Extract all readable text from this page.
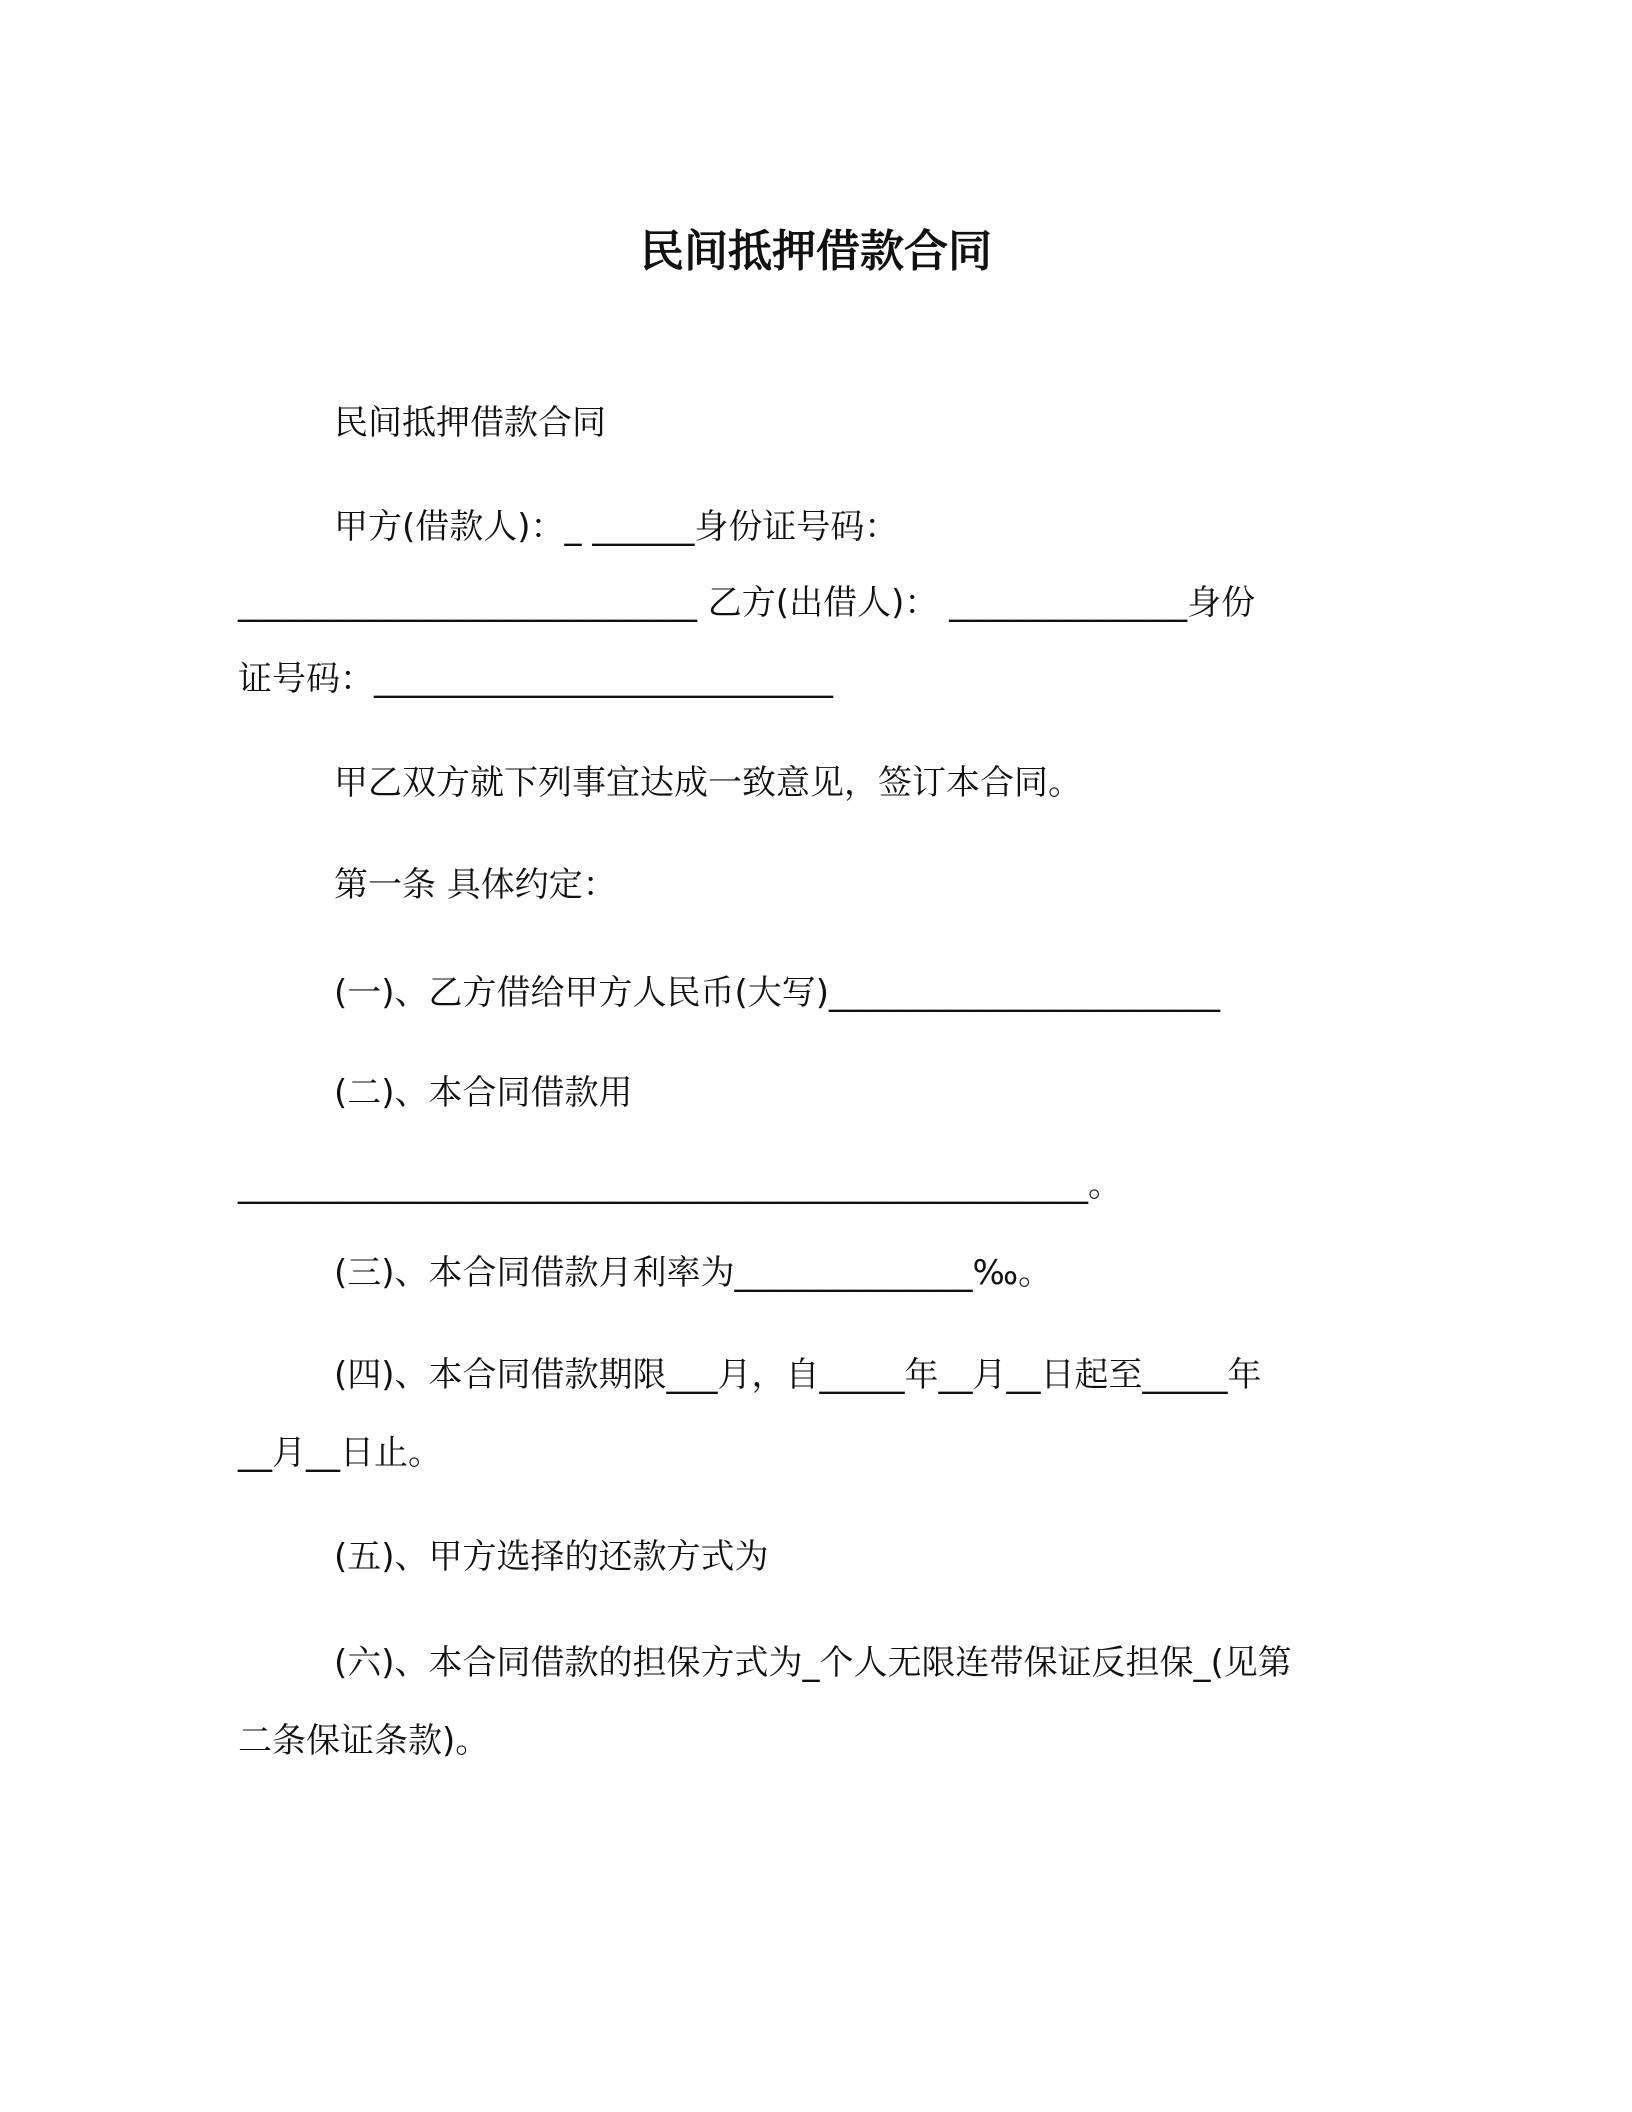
民间抵押借款合同
民间抵押借款合同
甲方(借款人)：_ ______身份证号码：
___________________________ 乙方(出借人)： ______________身份
证号码：___________________________
甲乙双方就下列事宜达成一致意见，签订本合同。
第一条 具体约定：
(一)、乙方借给甲方人民币(大写)_______________________
(二)、本合同借款用
__________________________________________________。
(三)、本合同借款月利率为______________‰。
(四)、本合同借款期限___月，自_____年__月__日起至_____年
__月__日止。
(五)、甲方选择的还款方式为
(六)、本合同借款的担保方式为_个人无限连带保证反担保_(见第
二条保证条款)。
